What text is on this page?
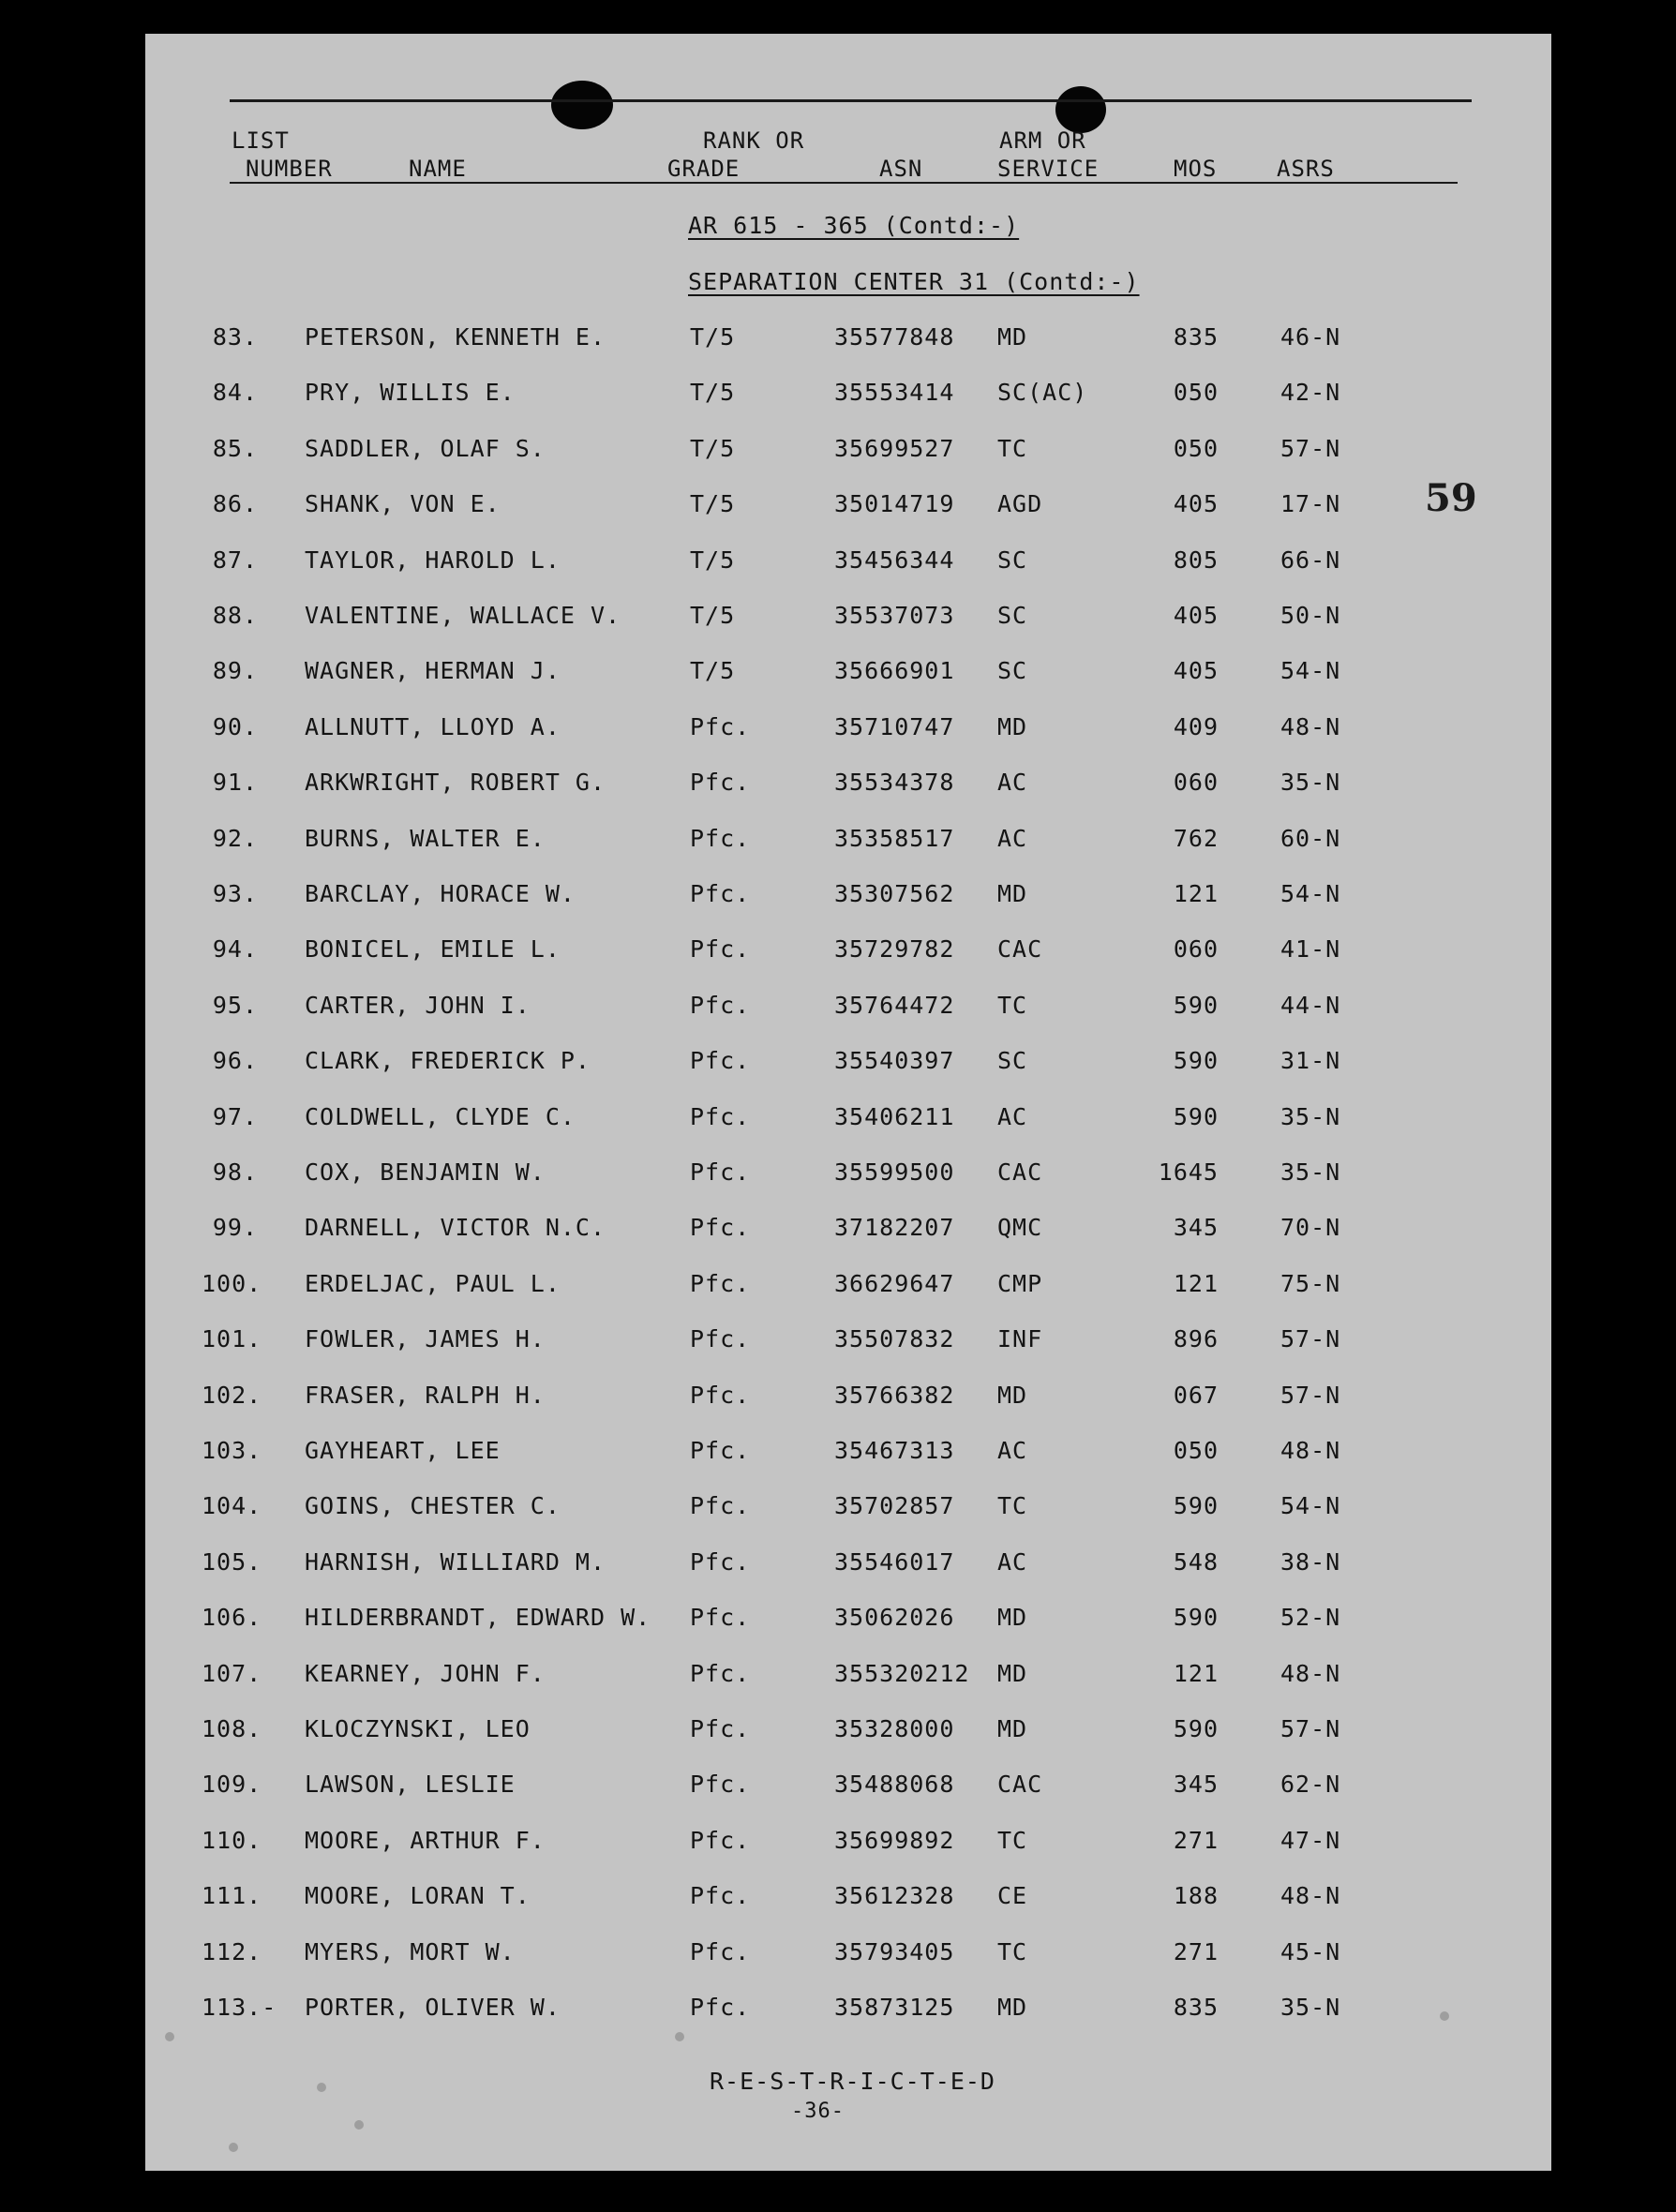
LIST
NUMBER	NAME
RANK OR
GRADE	ASN
ARM OR
SERVICE	MOS	ASRS
AR 615 - 365 (Contd:-)
SEPARATION CENTER 31 (Contd:-)
59
83. PETERSON, KENNETH E.	T/5	35577848 MD	835	46-N
84. PRY, WILLIS E.	T/5	35553414 SC(AC)	050	42-N
85. SADDLER, OLAF S.	T/5	35699527 TC	050	57-N
86. SHANK, VON E.	T/5	35014719 AGD	405	17-N
87. TAYLOR, HAROLD L.	T/5	35456344 SC	805	66-N
88. VALENTINE, WALLACE V.	T/5	35537073 SC	405	50-N
89. WAGNER, HERMAN J.	T/5	35666901 SC	405	54-N
90. ALLNUTT, LLOYD A.	Pfc.	35710747 MD	409	48-N
91. ARKWRIGHT, ROBERT G.	Pfc.	35534378 AC	060	35-N
92. BURNS, WALTER E.	Pfc.	35358517 AC	762	60-N
93. BARCLAY, HORACE W.	Pfc.	35307562 MD	121	54-N
94. BONICEL, EMILE L.	Pfc.	35729782 CAC	060	41-N
95. CARTER, JOHN I.	Pfc.	35764472 TC	590	44-N
96. CLARK, FREDERICK P.	Pfc.	35540397 SC	590	31-N
97. COLDWELL, CLYDE C.	Pfc.	35406211 AC	590	35-N
98. COX, BENJAMIN W.	Pfc.	35599500 CAC	1645	35-N
99. DARNELL, VICTOR N.C.	Pfc.	37182207 QMC	345	70-N
100. ERDELJAC, PAUL L.	Pfc.	36629647 CMP	121	75-N
101. FOWLER, JAMES H.	Pfc.	35507832 INF	896	57-N
102. FRASER, RALPH H.	Pfc.	35766382 MD	067	57-N
103. GAYHEART, LEE	Pfc.	35467313 AC	050	48-N
104. GOINS, CHESTER C.	Pfc.	35702857 TC	590	54-N
105. HARNISH, WILLIARD M.	Pfc.	35546017 AC	548	38-N
106. HILDERBRANDT, EDWARD W. Pfc.	35062026 MD	590	52-N
107. KEARNEY, JOHN F.	Pfc.	355320212 MD	121	48-N
108. KLOCZYNSKI, LEO	Pfc.	35328000 MD	590	57-N
109. LAWSON, LESLIE	Pfc.	35488068 CAC	345	62-N
110. MOORE, ARTHUR F.	Pfc.	35699892 TC	271	47-N
111. MOORE, LORAN T.	Pfc.	35612328 CE	188	48-N
112. MYERS, MORT W.	Pfc.	35793405 TC	271	45-N
113.- PORTER, OLIVER W.	Pfc.	35873125 MD	835	35-N
R-E-S-T-R-I-C-T-E-D
-36-
